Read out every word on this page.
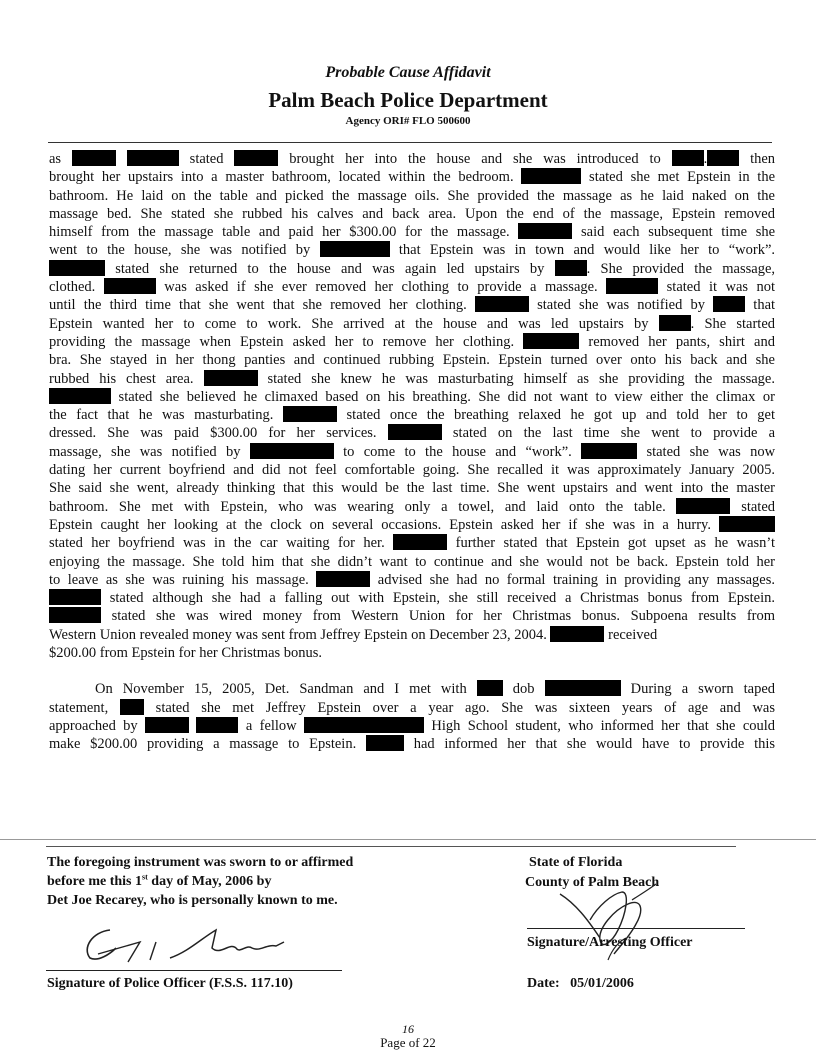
Probable Cause Affidavit
Palm Beach Police Department
Agency ORI# FLO 500600
as	stated	brought her into the house and she was introduced to	.	then
brought her upstairs into a master bathroom, located within the bedroom.	stated she met Epstein in the
bathroom. He laid on the table and picked the massage oils. She provided the massage as he laid naked on the
massage bed. She stated she rubbed his calves and back area. Upon the end of the massage, Epstein removed
himself from the massage table and paid her $300.00 for the massage.	said each subsequent time she
went to the house, she was notified by	that Epstein was in town and would like her to “work”.
stated she returned to the house and was again led upstairs by	. She provided the massage,
clothed.	was asked if she ever removed her clothing to provide a massage.	stated it was not
until the third time that she went that she removed her clothing.	stated she was notified by	that
Epstein wanted her to come to work. She arrived at the house and was led upstairs by	. She started
providing the massage when Epstein asked her to remove her clothing.	removed her pants, shirt and
bra. She stayed in her thong panties and continued rubbing Epstein. Epstein turned over onto his back and she
rubbed his chest area.	stated she knew he was masturbating himself as she providing the massage.
stated she believed he climaxed based on his breathing. She did not want to view either the climax or
the fact that he was masturbating.	stated once the breathing relaxed he got up and told her to get
dressed. She was paid $300.00 for her services.	stated on the last time she went to provide a
massage, she was notified by	to come to the house and “work”.	stated she was now
dating her current boyfriend and did not feel comfortable going. She recalled it was approximately January 2005.
She said she went, already thinking that this would be the last time. She went upstairs and went into the master
bathroom. She met with Epstein, who was wearing only a towel, and laid onto the table.	stated
Epstein caught her looking at the clock on several occasions. Epstein asked her if she was in a hurry.
stated her boyfriend was in the car waiting for her.	further stated that Epstein got upset as he wasn’t
enjoying the massage. She told him that she didn’t want to continue and she would not be back. Epstein told her
to leave as she was ruining his massage.	advised she had no formal training in providing any massages.
stated although she had a falling out with Epstein, she still received a Christmas bonus from Epstein.
stated she was wired money from Western Union for her Christmas bonus. Subpoena results from
Western Union revealed money was sent from Jeffrey Epstein on December 23, 2004.	received
$200.00 from Epstein for her Christmas bonus.
On November 15, 2005, Det. Sandman and I met with	dob	During a sworn taped
statement,	stated she met Jeffrey Epstein over a year ago. She was sixteen years of age and was
approached by	a fellow	High School student, who informed her that she could
make $200.00 providing a massage to Epstein.	had informed her that she would have to provide this
The foregoing instrument was sworn to or affirmed
before me this 1st day of May, 2006 by
Det Joe Recarey, who is personally known to me.
Signature of Police Officer (F.S.S. 117.10)
State of Florida
County of Palm Beach
Signature/Arresting Officer
Date: 05/01/2006
16
Page of 22
